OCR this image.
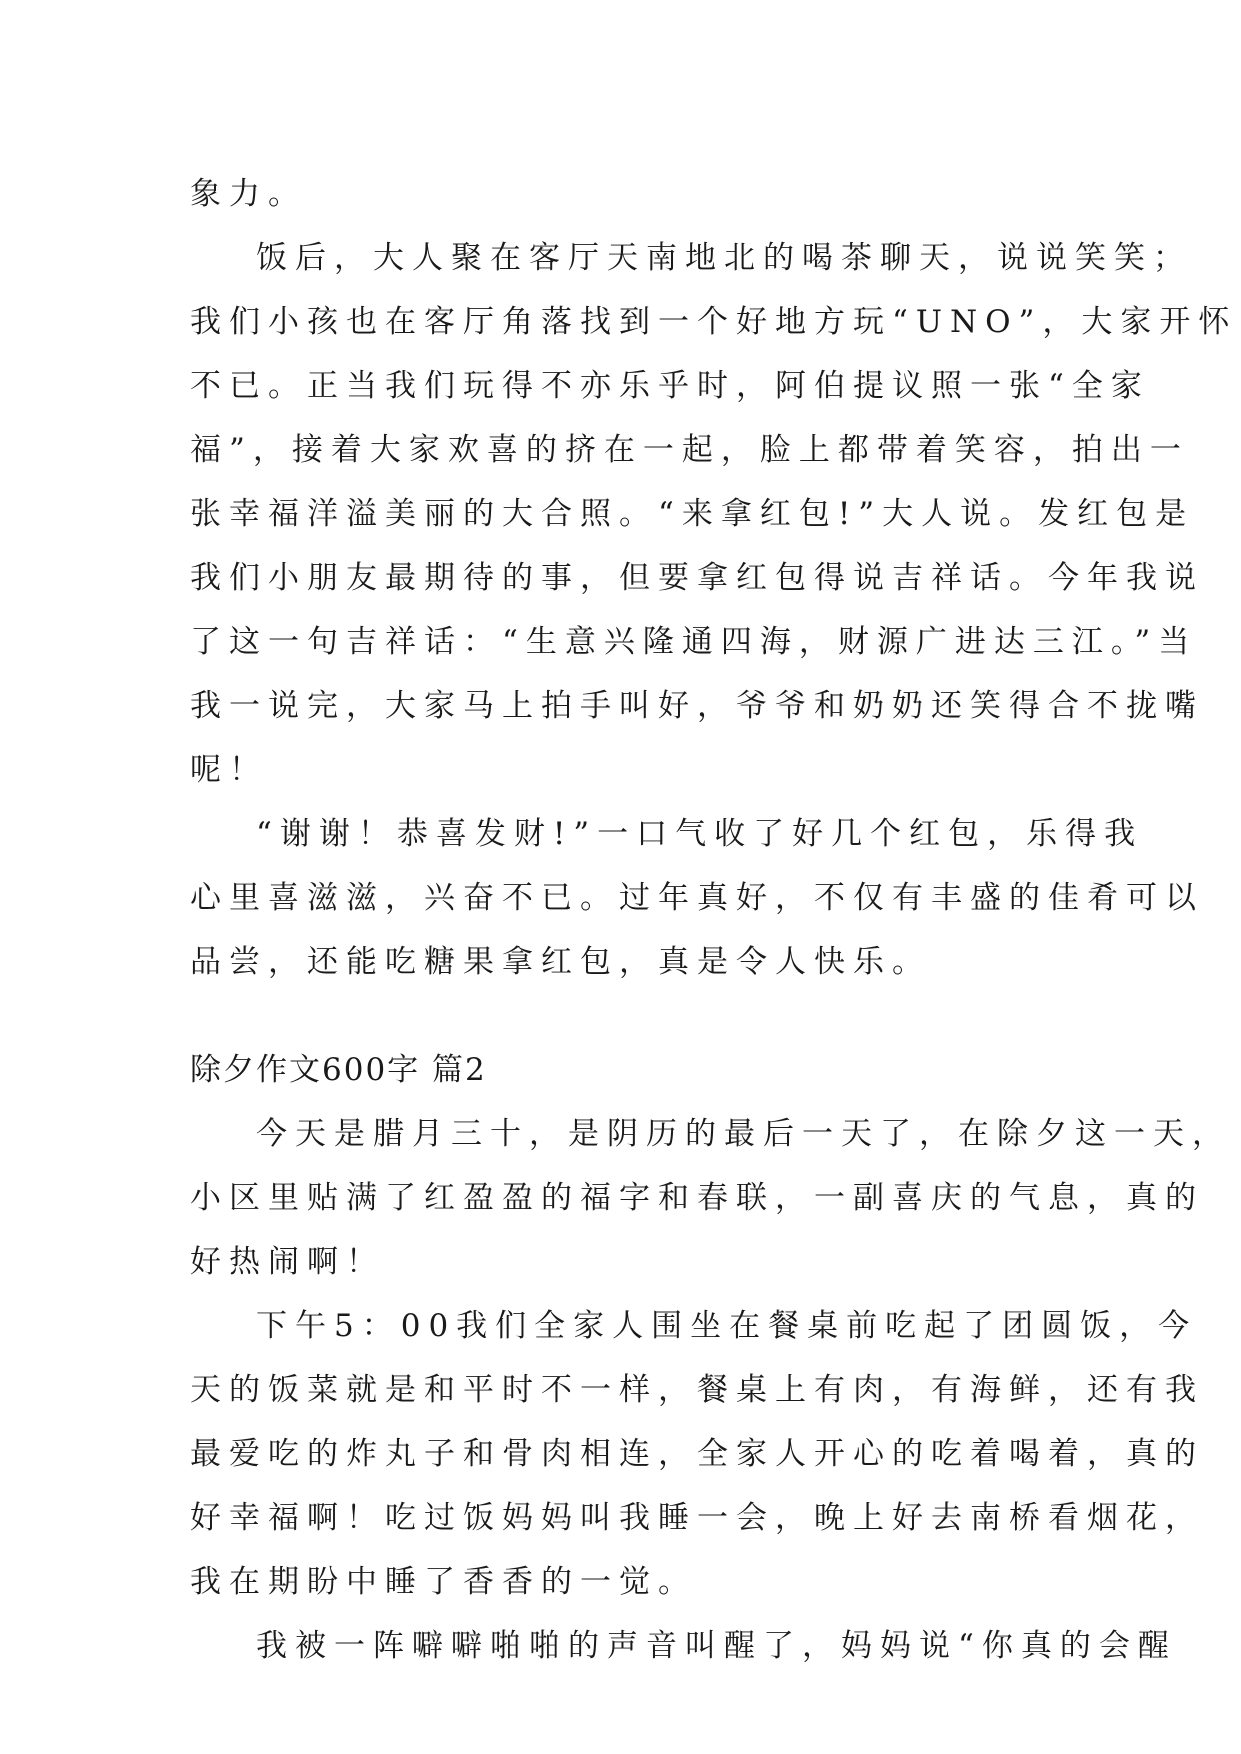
象力。

饭后，大人聚在客厅天南地北的喝茶聊天，说说笑笑；

我们小孩也在客厅角落找到一个好地方玩“UNO”，大家开怀

不已。正当我们玩得不亦乐乎时，阿伯提议照一张“全家

福”，接着大家欢喜的挤在一起，脸上都带着笑容，拍出一

张幸福洋溢美丽的大合照。“来拿红包!”大人说。发红包是

我们小朋友最期待的事，但要拿红包得说吉祥话。今年我说

了这一句吉祥话：“生意兴隆通四海，财源广进达三江。”当

我一说完，大家马上拍手叫好，爷爷和奶奶还笑得合不拢嘴

呢！

“谢谢！恭喜发财!”一口气收了好几个红包，乐得我

心里喜滋滋，兴奋不已。过年真好，不仅有丰盛的佳肴可以

品尝，还能吃糖果拿红包，真是令人快乐。

除夕作文600字 篇2

今天是腊月三十，是阴历的最后一天了，在除夕这一天，

小区里贴满了红盈盈的福字和春联，一副喜庆的气息，真的

好热闹啊！

下午5：00我们全家人围坐在餐桌前吃起了团圆饭，今

天的饭菜就是和平时不一样，餐桌上有肉，有海鲜，还有我

最爱吃的炸丸子和骨肉相连，全家人开心的吃着喝着，真的

好幸福啊！吃过饭妈妈叫我睡一会，晚上好去南桥看烟花，

我在期盼中睡了香香的一觉。

我被一阵噼噼啪啪的声音叫醒了，妈妈说“你真的会醒
